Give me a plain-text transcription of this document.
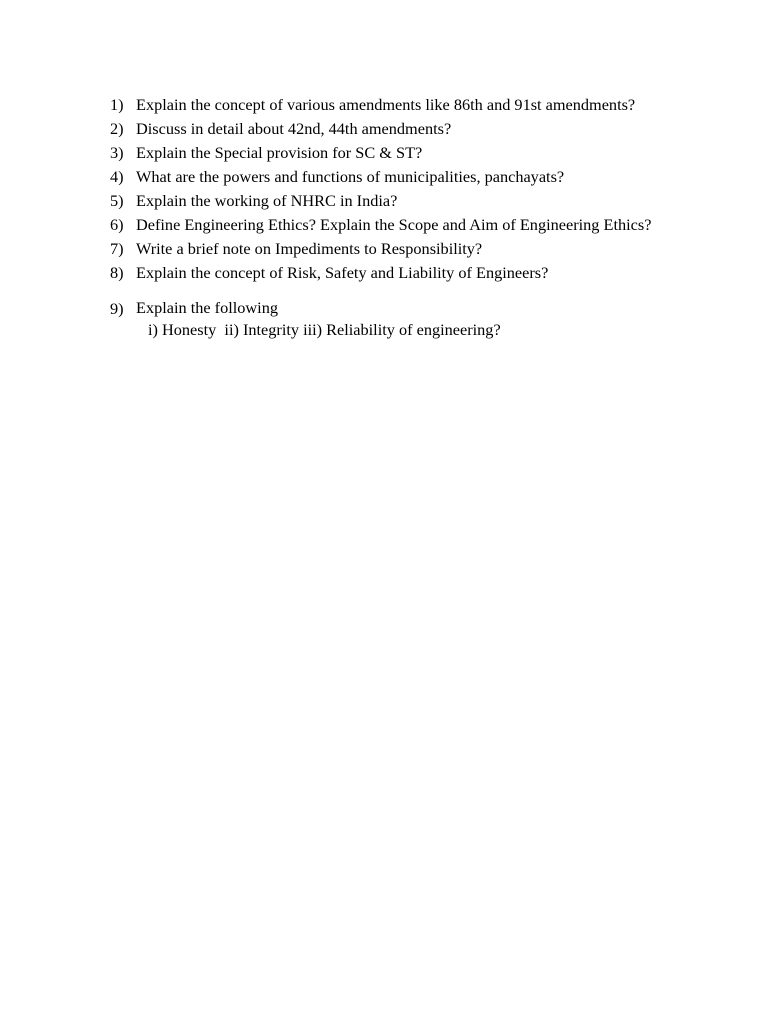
1) Explain the concept of various amendments like 86th and 91st amendments?
2) Discuss in detail about 42nd, 44th amendments?
3) Explain the Special provision for SC & ST?
4) What are the powers and functions of municipalities, panchayats?
5) Explain the working of NHRC in India?
6) Define Engineering Ethics? Explain the Scope and Aim of Engineering Ethics?
7) Write a brief note on Impediments to Responsibility?
8) Explain the concept of Risk, Safety and Liability of Engineers?
9) Explain the following
i) Honesty  ii) Integrity iii) Reliability of engineering?
